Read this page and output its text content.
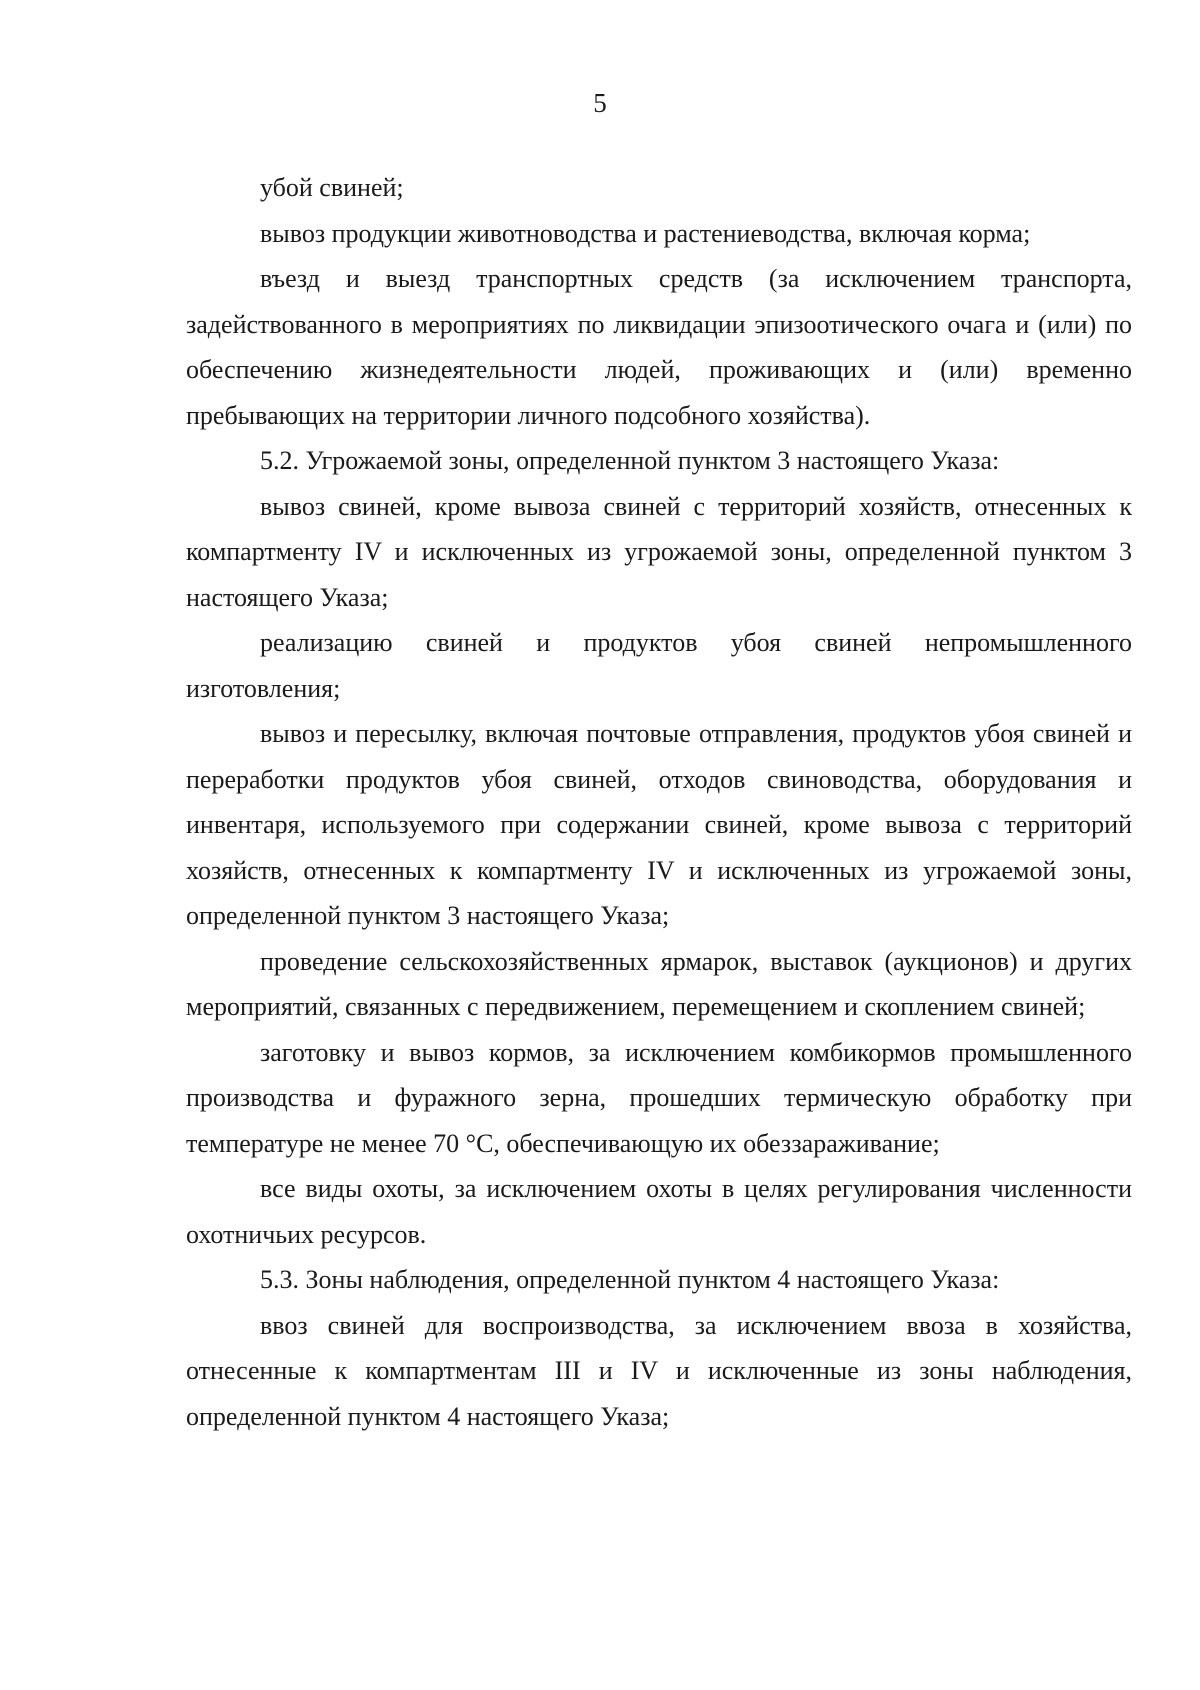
5

убой свиней;

вывоз продукции животноводства и растениеводства, включая корма;

въезд и выезд транспортных средств (за исключением транспорта, задействованного в мероприятиях по ликвидации эпизоотического очага и (или) по обеспечению жизнедеятельности людей, проживающих и (или) временно пребывающих на территории личного подсобного хозяйства).

5.2. Угрожаемой зоны, определенной пунктом 3 настоящего Указа:

вывоз свиней, кроме вывоза свиней с территорий хозяйств, отнесенных к компартменту IV и исключенных из угрожаемой зоны, определенной пунктом 3 настоящего Указа;

реализацию свиней и продуктов убоя свиней непромышленного изготовления;

вывоз и пересылку, включая почтовые отправления, продуктов убоя свиней и переработки продуктов убоя свиней, отходов свиноводства, оборудования и инвентаря, используемого при содержании свиней, кроме вывоза с территорий хозяйств, отнесенных к компартменту IV и исключенных из угрожаемой зоны, определенной пунктом 3 настоящего Указа;

проведение сельскохозяйственных ярмарок, выставок (аукционов) и других мероприятий, связанных с передвижением, перемещением и скоплением свиней;

заготовку и вывоз кормов, за исключением комбикормов промышленного производства и фуражного зерна, прошедших термическую обработку при температуре не менее 70 °С, обеспечивающую их обеззараживание;

все виды охоты, за исключением охоты в целях регулирования численности охотничьих ресурсов.

5.3. Зоны наблюдения, определенной пунктом 4 настоящего Указа:

ввоз свиней для воспроизводства, за исключением ввоза в хозяйства, отнесенные к компартментам III и IV и исключенные из зоны наблюдения, определенной пунктом 4 настоящего Указа;
